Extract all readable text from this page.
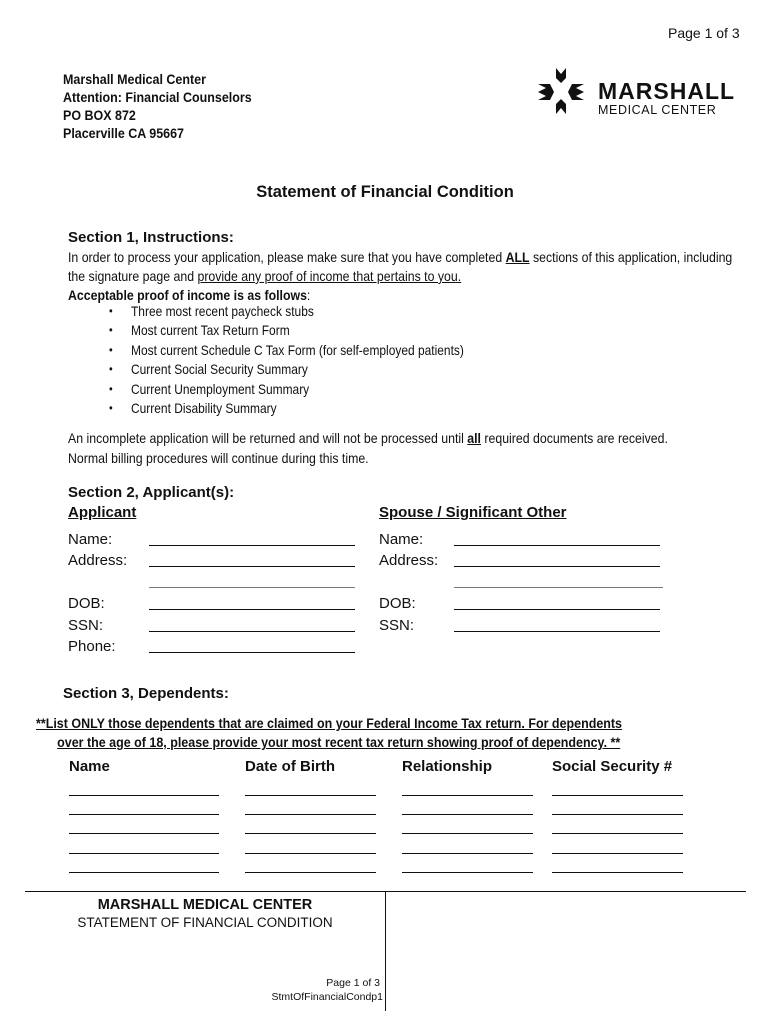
Page 1 of 3
Marshall Medical Center
Attention: Financial Counselors
PO BOX 872
Placerville CA 95667
MARSHALL
MEDICAL CENTER
Statement of Financial Condition
Section 1, Instructions:
In order to process your application, please make sure that you have completed ALL sections of this application, including
the signature page and provide any proof of income that pertains to you.
Acceptable proof of income is as follows:
• Three most recent paycheck stubs
• Most current Tax Return Form
• Most current Schedule C Tax Form (for self-employed patients)
• Current Social Security Summary
• Current Unemployment Summary
• Current Disability Summary
An incomplete application will be returned and will not be processed until all required documents are received.
Normal billing procedures will continue during this time.
Section 2, Applicant(s):
Applicant	Spouse / Significant Other
Name:
Address:
DOB:
SSN:
Phone:
Name:
Address:
DOB:
SSN:
Section 3, Dependents:
**List ONLY those dependents that are claimed on your Federal Income Tax return. For dependents
over the age of 18, please provide your most recent tax return showing proof of dependency. **
Name	Date of Birth	Relationship	Social Security #
MARSHALL MEDICAL CENTER
STATEMENT OF FINANCIAL CONDITION
Page 1 of 3
StmtOfFinancialCondp1
